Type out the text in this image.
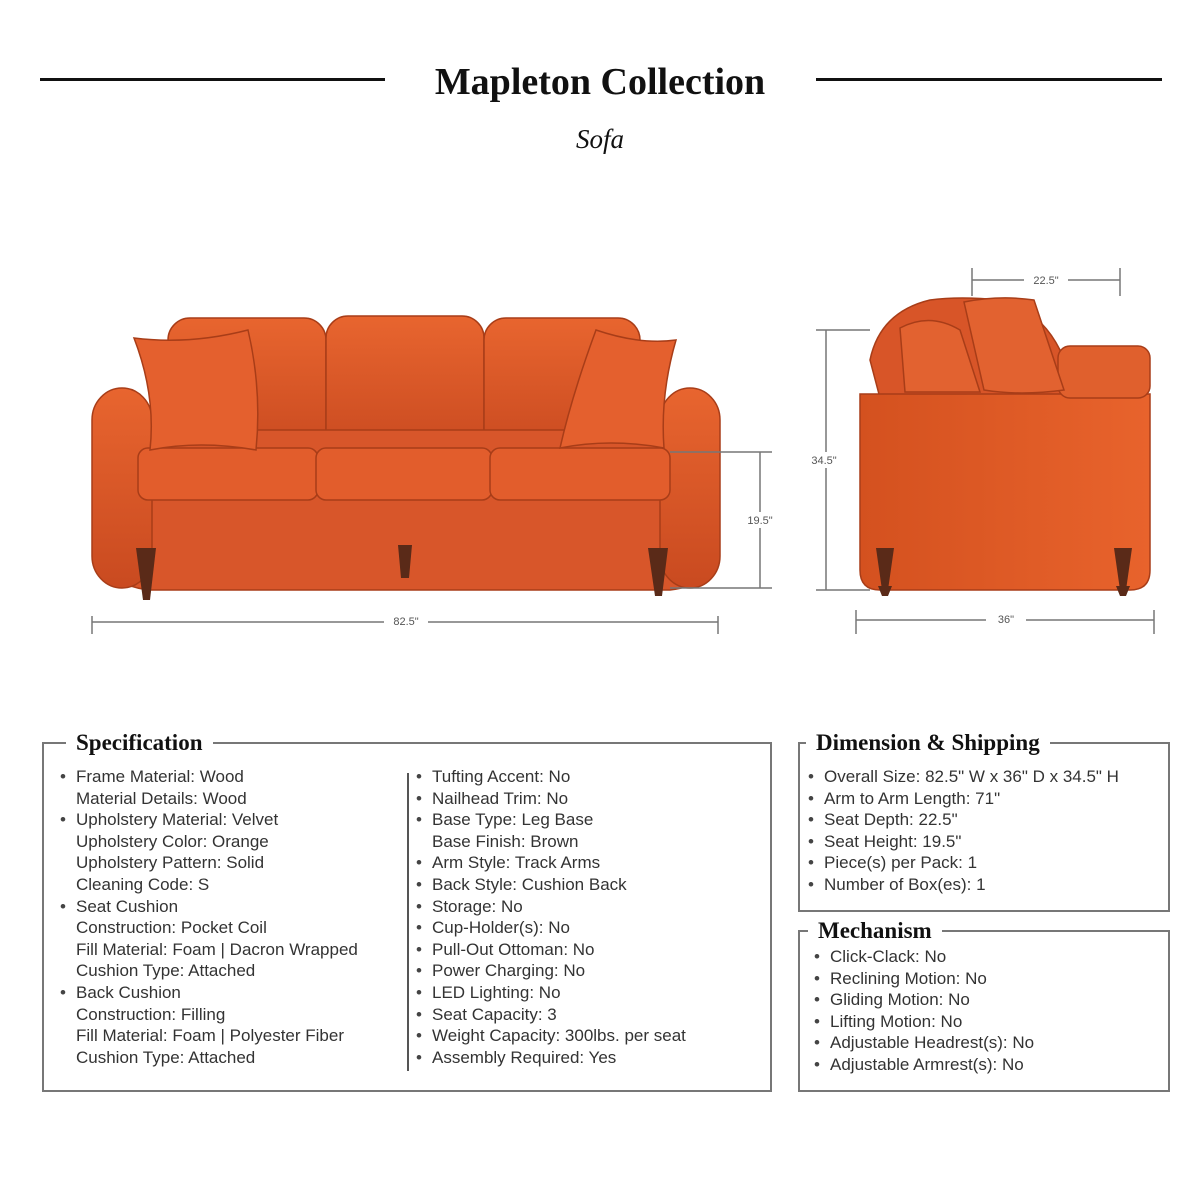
Mapleton Collection
Sofa
82.5"
19.5"
36"
22.5"
34.5"
Specification
• Frame Material: Wood
Material Details: Wood
• Upholstery Material: Velvet
Upholstery Color: Orange
Upholstery Pattern: Solid
Cleaning Code: S
• Seat Cushion
Construction: Pocket Coil
Fill Material: Foam | Dacron Wrapped
Cushion Type: Attached
• Back Cushion
Construction: Filling
Fill Material: Foam | Polyester Fiber
Cushion Type: Attached
• Tufting Accent: No
• Nailhead Trim: No
• Base Type: Leg Base
Base Finish: Brown
• Arm Style: Track Arms
• Back Style: Cushion Back
• Storage: No
• Cup-Holder(s): No
• Pull-Out Ottoman: No
• Power Charging: No
• LED Lighting: No
• Seat Capacity: 3
• Weight Capacity: 300lbs. per seat
• Assembly Required: Yes
Dimension & Shipping
• Overall Size: 82.5" W x 36" D x 34.5" H
• Arm to Arm Length: 71"
• Seat Depth: 22.5"
• Seat Height: 19.5"
• Piece(s) per Pack: 1
• Number of Box(es): 1
Mechanism
• Click-Clack: No
• Reclining Motion: No
• Gliding Motion: No
• Lifting Motion: No
• Adjustable Headrest(s): No
• Adjustable Armrest(s): No
